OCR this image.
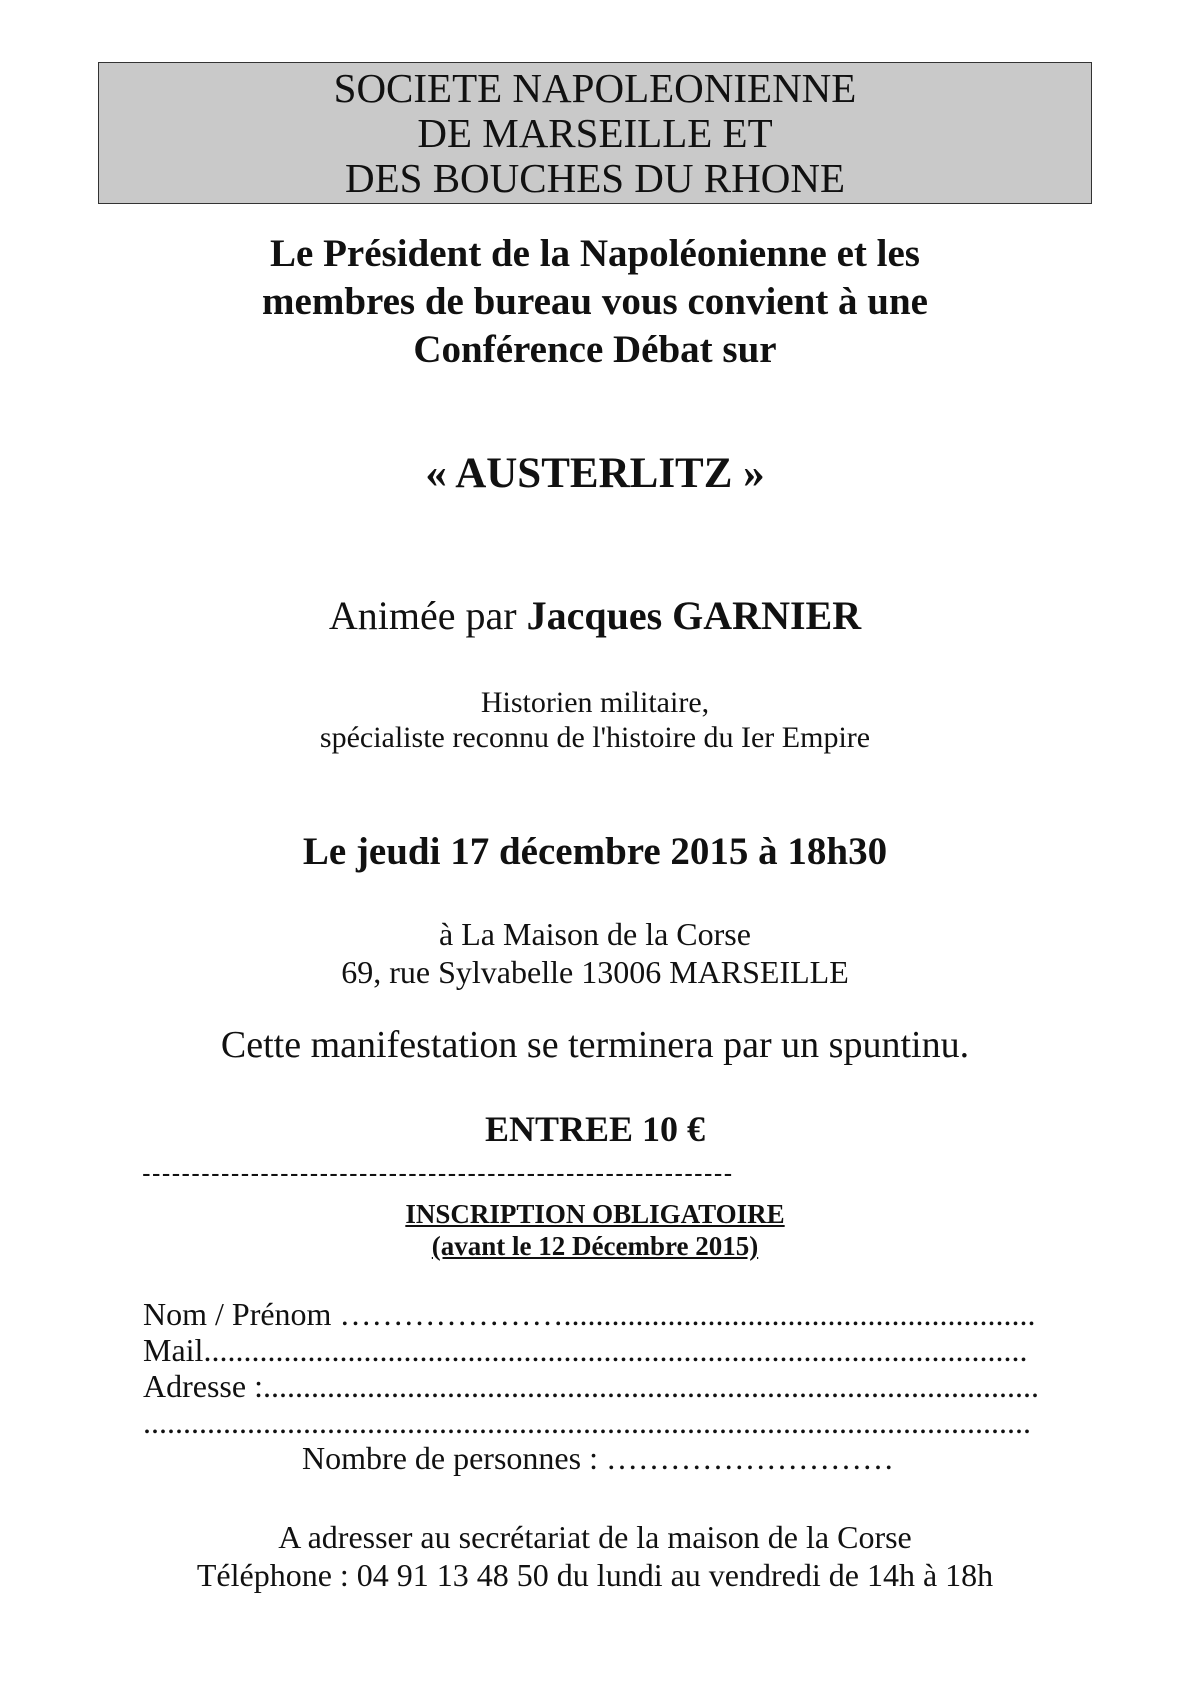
SOCIETE NAPOLEONIENNE
DE MARSEILLE ET
DES BOUCHES DU RHONE
Le Président de la Napoléonienne et les
membres de bureau vous convient à une
Conférence Débat sur
« AUSTERLITZ »
Animée par Jacques GARNIER
Historien militaire,
spécialiste reconnu de l'histoire du Ier Empire
Le jeudi 17 décembre 2015 à 18h30
à La Maison de la Corse
69, rue Sylvabelle 13006 MARSEILLE
Cette manifestation se terminera par un spuntinu.
ENTREE 10 €
------------------------------------------------------------
INSCRIPTION OBLIGATOIRE
(avant le 12 Décembre 2015)
Nom / Prénom …………………...........................................................
Mail.......................................................................................................
Adresse :.................................................................................................
...............................................................................................................
Nombre de personnes : ………………………
A adresser au secrétariat de la maison de la Corse
Téléphone : 04 91 13 48 50 du lundi au vendredi de 14h à 18h
